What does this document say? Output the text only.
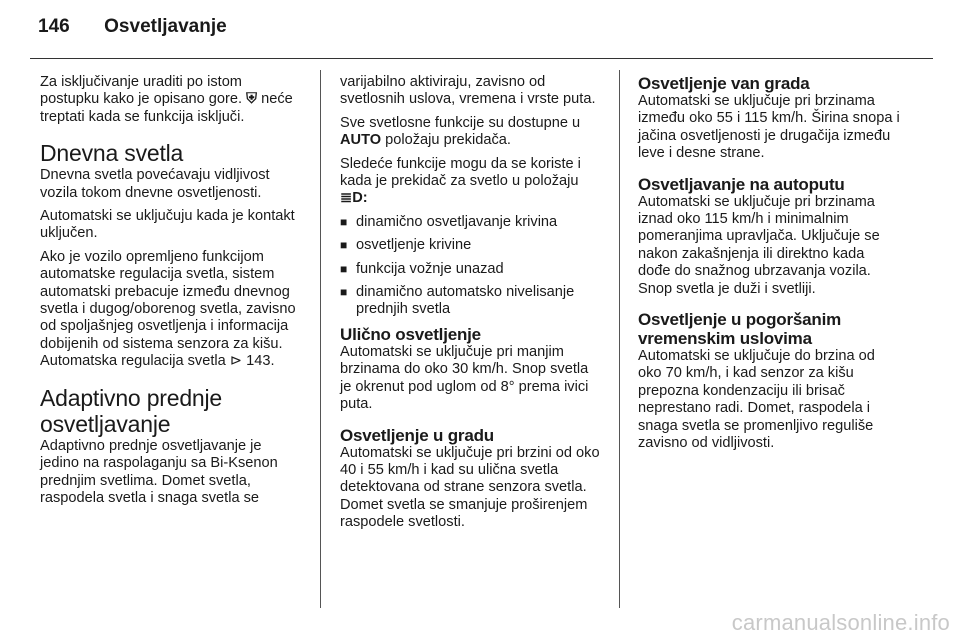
146 Osvetljavanje

Za isključivanje uraditi po istom postupku kako je opisano gore. ⛨ neće treptati kada se funkcija isključi.

Dnevna svetla

Dnevna svetla povećavaju vidljivost vozila tokom dnevne osvetljenosti.

Automatski se uključuju kada je kontakt uključen.

Ako je vozilo opremljeno funkcijom automatske regulacija svetla, sistem automatski prebacuje između dnevnog svetla i dugog/oborenog svetla, zavisno od spoljašnjeg osvetljenja i informacija dobijenih od sistema senzora za kišu. Automatska regulacija svetla ⊳ 143.

Adaptivno prednje osvetljavanje

Adaptivno prednje osvetljavanje je jedino na raspolaganju sa Bi-Ksenon prednjim svetlima. Domet svetla, raspodela svetla i snaga svetla se

varijabilno aktiviraju, zavisno od svetlosnih uslova, vremena i vrste puta.

Sve svetlosne funkcije su dostupne u AUTO položaju prekidača.

Sledeće funkcije mogu da se koriste i kada je prekidač za svetlo u položaju ≣D:

■ dinamično osvetljavanje krivina
■ osvetljenje krivine
■ funkcija vožnje unazad
■ dinamično automatsko nivelisanje prednjih svetla
Ulično osvetljenje

Automatski se uključuje pri manjim brzinama do oko 30 km/h. Snop svetla je okrenut pod uglom od 8° prema ivici puta.

Osvetljenje u gradu

Automatski se uključuje pri brzini od oko 40 i 55 km/h i kad su ulična svetla detektovana od strane senzora svetla. Domet svetla se smanjuje proširenjem raspodele svetlosti.

Osvetljenje van grada

Automatski se uključuje pri brzinama između oko 55 i 115 km/h. Širina snopa i jačina osvetljenosti je drugačija između leve i desne strane.

Osvetljavanje na autoputu

Automatski se uključuje pri brzinama iznad oko 115 km/h i minimalnim pomeranjima upravljača. Uključuje se nakon zakašnjenja ili direktno kada dođe do snažnog ubrzavanja vozila. Snop svetla je duži i svetliji.

Osvetljenje u pogoršanim vremenskim uslovima

Automatski se uključuje do brzina od oko 70 km/h, i kad senzor za kišu prepozna kondenzaciju ili brisač neprestano radi. Domet, raspodela i snaga svetla se promenljivo reguliše zavisno od vidljivosti.

carmanualsonline.info
